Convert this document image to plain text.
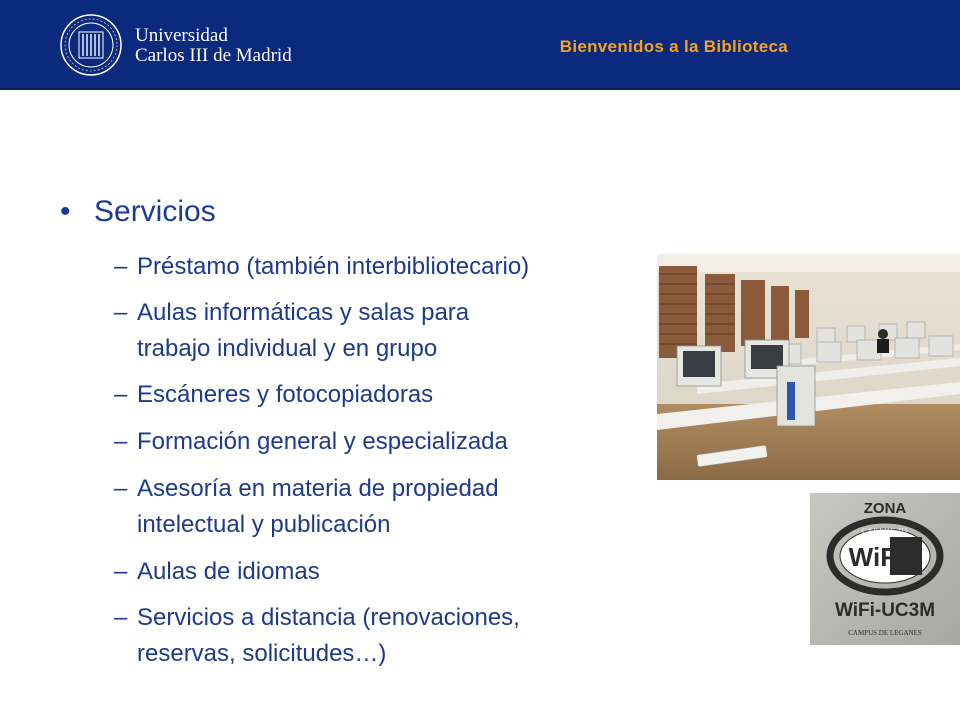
Universidad
Carlos III de Madrid	Bienvenidos a la Biblioteca
• Servicios
– Préstamo (también interbibliotecario)
– Aulas informáticas y salas para
trabajo individual y en grupo
– Escáneres y fotocopiadoras
– Formación general y especializada
– Asesoría en materia de propiedad
intelectual y publicación
– Aulas de idiomas
– Servicios a distancia (renovaciones,
reservas, solicitudes…)
ZONA
WiFi
CARLOS III
WiFi-UC3M
CAMPUS DE LEGANES
